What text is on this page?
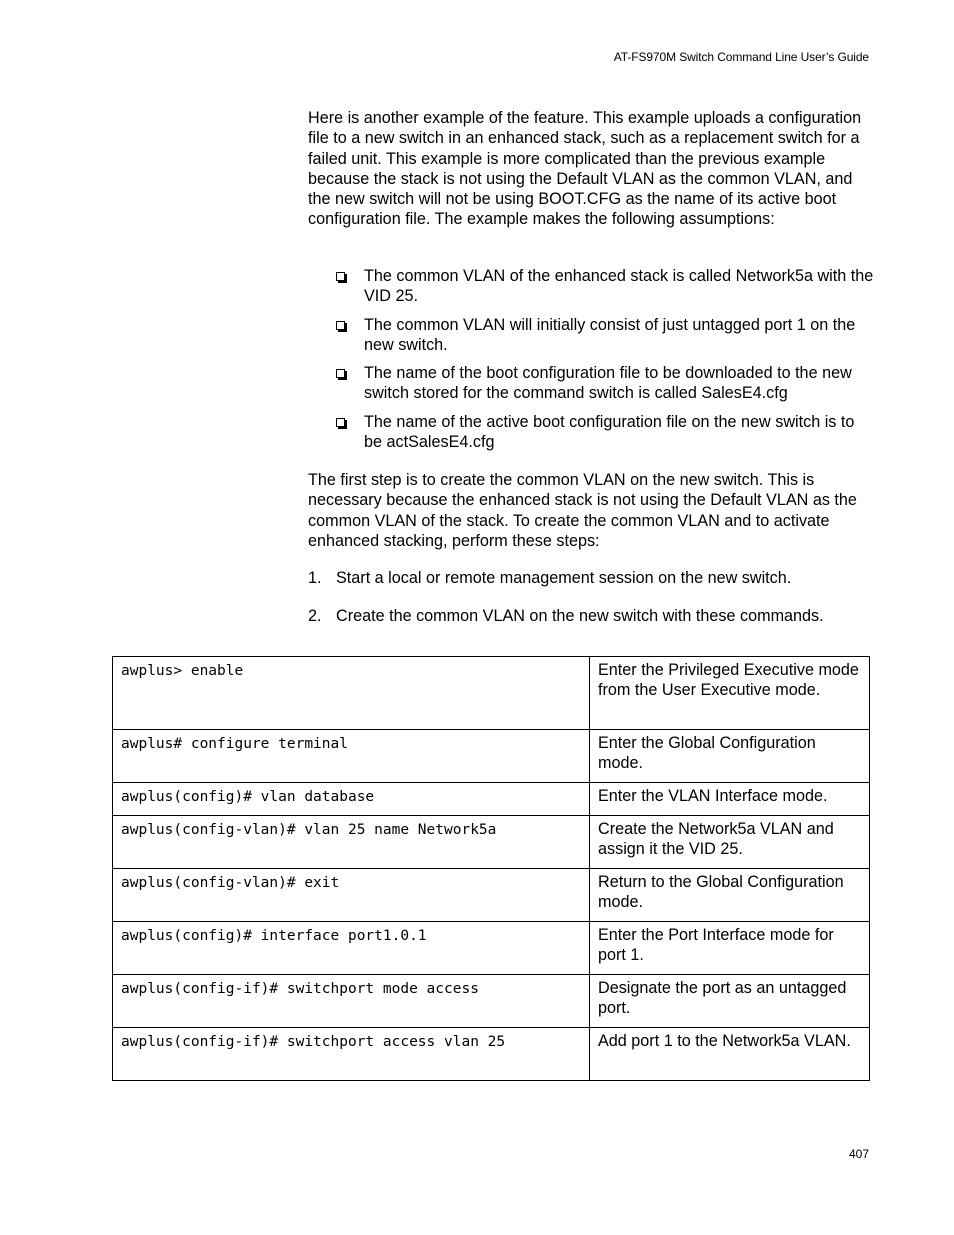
AT-FS970M Switch Command Line User’s Guide

Here is another example of the feature. This example uploads a configuration file to a new switch in an enhanced stack, such as a replacement switch for a failed unit. This example is more complicated than the previous example because the stack is not using the Default VLAN as the common VLAN, and the new switch will not be using BOOT.CFG as the name of its active boot configuration file. The example makes the following assumptions:

The common VLAN of the enhanced stack is called Network5a with the VID 25.
The common VLAN will initially consist of just untagged port 1 on the new switch.
The name of the boot configuration file to be downloaded to the new switch stored for the command switch is called SalesE4.cfg
The name of the active boot configuration file on the new switch is to be actSalesE4.cfg

The first step is to create the common VLAN on the new switch. This is necessary because the enhanced stack is not using the Default VLAN as the common VLAN of the stack. To create the common VLAN and to activate enhanced stacking, perform these steps:

1. Start a local or remote management session on the new switch.
2. Create the common VLAN on the new switch with these commands.
awplus> enable	Enter the Privileged Executive mode from the User Executive mode.
awplus# configure terminal	Enter the Global Configuration mode.
awplus(config)# vlan database	Enter the VLAN Interface mode.
awplus(config-vlan)# vlan 25 name Network5a	Create the Network5a VLAN and assign it the VID 25.
awplus(config-vlan)# exit	Return to the Global Configuration mode.
awplus(config)# interface port1.0.1	Enter the Port Interface mode for port 1.
awplus(config-if)# switchport mode access	Designate the port as an untagged port.
awplus(config-if)# switchport access vlan 25	Add port 1 to the Network5a VLAN.
407
